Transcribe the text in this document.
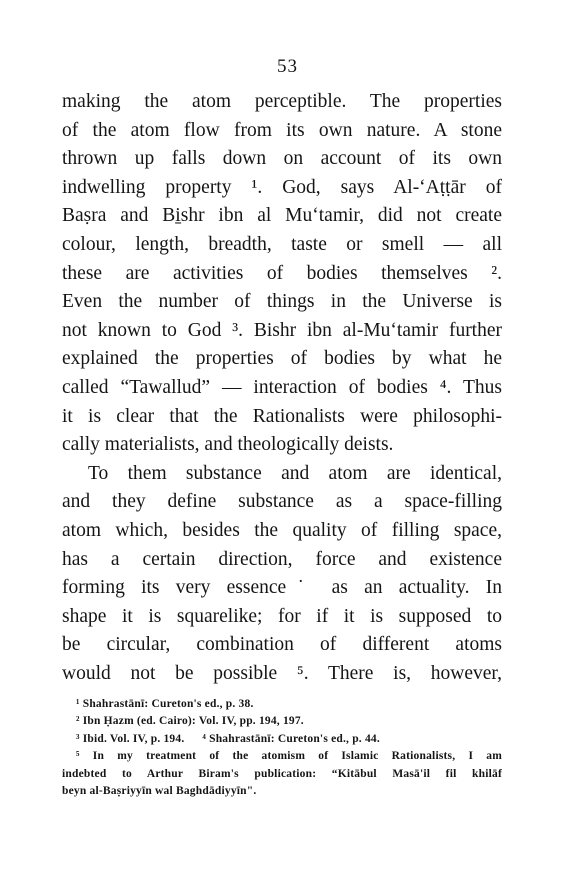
53
making the atom perceptible. The properties
of the atom flow from its own nature. A stone
thrown up falls down on account of its own
indwelling property ¹. God, says Al-‘Aṭṭār of
Baṣra and Bi̱shr ibn al Mu‘tamir, did not create
colour, length, breadth, taste or smell — all
these are activities of bodies themselves ².
Even the number of things in the Universe is
not known to God ³. Bishr ibn al-Mu‘tamir further
explained the properties of bodies by what he
called “Tawallud” — interaction of bodies ⁴. Thus
it is clear that the Rationalists were philosophi-
cally materialists, and theologically deists.
To them substance and atom are identical,
and they define substance as a space-filling
atom which, besides the quality of filling space,
has a certain direction, force and existence
forming its very essence˙ as an actuality. In
shape it is squarelike; for if it is supposed to
be circular, combination of different atoms
would not be possible ⁵. There is, however,
¹ Shahrastānī: Cureton's ed., p. 38.
² Ibn Ḥazm (ed. Cairo): Vol. IV, pp. 194, 197.
³ Ibid. Vol. IV, p. 194. ⁴ Shahrastānī: Cureton's ed., p. 44.
⁵ In my treatment of the atomism of Islamic Rationalists, I am
indebted to Arthur Biram's publication: “Kitābul Masā'il fil khilāf
beyn al-Baṣriyyīn wal Baghdādiyyīn".
